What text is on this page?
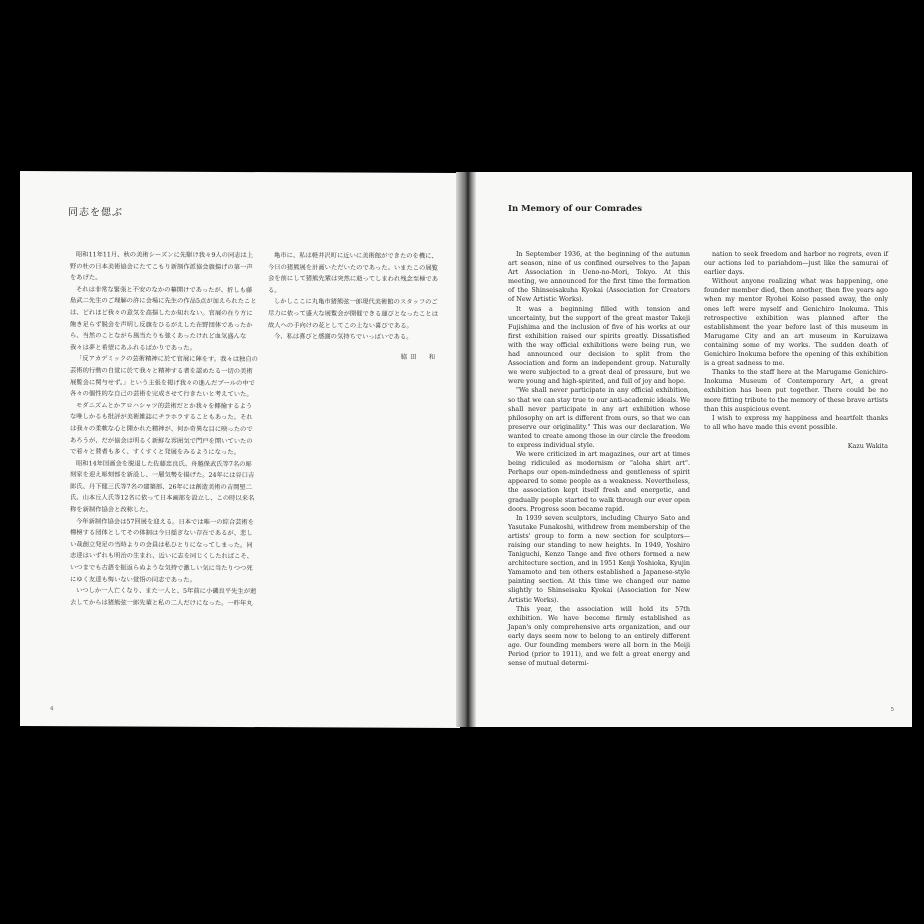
同志を偲ぶ

昭和11年11月、秋の美術シーズンに先駆け我々9人の同志は上野の杜の日本美術協会にたてこもり新制作派協会旗揚げの第一声をあげた。

それは非常な緊張と不安のなかの幕開けであったが、折しも藤島武二先生のご理解の許に会場に先生の作品5点が加えられたことは、どれほど我々の意気を高揚したか知れない。官展の在り方に飽き足らず脱会を声明し反旗をひるがえした在野団体であったから、当然のことながら風当たりも強くあったけれど血気盛んな我々は夢と希望にあふれるばかりであった。

「反アカデミックの芸術精神に於て官展に陣をす。我々は独自の芸術的行動の自覚に於て我々と精神する者を認めたる一切の美術展覧会に関与せず。」という主張を掲げ我々の進んだプールの中で各々の個性的な自己の芸術を完成させて行きたいと考えていた。

モダニズムとかアロハシャツ的芸術だとか我々を揶揄するような唯しかるも批評が美術雑誌にチラホラすることもあった。それは我々の柔軟な心と開かれた精神が、何か奇異な目に映ったのであろうが、だが協会は明るく新鮮な雰囲気で門戸を開いていたので着々と賛者も多く、すくすくと発展をみるようになった。

昭和14年国画会を脱退した佐藤忠良氏、舟越保武氏等7名の彫刻家を迎え彫刻部を新設し、一層気勢を揚げた。24年には谷口吉郎氏、丹下健三氏等7名の建築部、26年には創造美術の吉岡堅二氏、山本丘人氏等12名に依って日本画部を設立し、この時以来名称を新制作協会と改称した。

今年新制作協会は57回展を迎える。日本では唯一の綜合芸術を標榜する団体としてその体制は今日揺ぎない存在であるが、悲しい哉創立発足の当時よりの会員は私ひとりになってしまった。同志達はいずれも明治の生まれ、近いに志を同じくしたればこそ、いつまでも古語を振返らぬような気持で激しい気に当たりつつ死にゆく友達も悔いない覚悟の同志であった。

いつしか一人亡くなり、また一人と、5年前に小磯良平先生が逝去してからは猪熊弦一郎先輩と私の二人だけになった。一昨年丸

亀市に、私は軽井沢町に近いに美術館ができたのを機に、今日の猪熊展を計画いただいたのであった。いまたこの展覧会を前にして猪熊先輩は突然に逝ってしまわれ残念至極である。

しかしここに丸亀市猪熊弦一郎現代美術館のスタッフのご尽力に依って盛大な展覧会が開催できる運びとなったことは故人への手向けの花としてこの上ない喜びである。

今、私は喜びと感謝の気持ちでいっぱいである。

脇田　和
4
In Memory of our Comrades

In September 1936, at the beginning of the autumn art season, nine of us confined ourselves to the Japan Art Association in Ueno-no-Mori, Tokyo. At this meeting, we announced for the first time the formation of the Shinseisakuha Kyokai (Association for Creators of New Artistic Works).

It was a beginning filled with tension and uncertainty, but the support of the great master Takeji Fujishima and the inclusion of five of his works at our first exhibition raised our spirits greatly. Dissatisfied with the way official exhibitions were being run, we had announced our decision to split from the Association and form an independent group. Naturally we were subjected to a great deal of pressure, but we were young and high-spirited, and full of joy and hope.

"We shall never participate in any official exhibition, so that we can stay true to our anti-academic ideals. We shall never participate in any art exhibition whose philosophy on art is different from ours, so that we can preserve our originality." This was our declaration. We wanted to create among those in our circle the freedom to express individual style.

We were criticized in art magazines, our art at times being ridiculed as modernism or "aloha shirt art". Perhaps our open-mindedness and gentleness of spirit appeared to some people as a weakness. Nevertheless, the association kept itself fresh and energetic, and gradually people started to walk through our ever open doors. Progress soon became rapid.

In 1939 seven sculptors, including Churyo Sato and Yasutake Funakoshi, withdrew from membership of the artists' group to form a new section for sculptors—raising our standing to new heights. In 1949, Yoshiro Taniguchi, Kenzo Tange and five others formed a new architecture section, and in 1951 Kenji Yoshioka, Kyujin Yamamoto and ten others established a Japanese-style painting section. At this time we changed our name slightly to Shinseisaku Kyokai (Association for New Artistic Works).

This year, the association will hold its 57th exhibition. We have become firmly established as Japan's only comprehensive arts organization, and our early days seem now to belong to an entirely different age. Our founding members were all born in the Meiji Period (prior to 1911), and we felt a great energy and sense of mutual determi-

nation to seek freedom and harbor no regrets, even if our actions led to pariahdom—just like the samurai of earlier days.

Without anyone realizing what was happening, one founder member died, then another, then five years ago when my mentor Ryohei Koiso passed away, the only ones left were myself and Genichiro Inokuma. This retrospective exhibition was planned after the establishment the year before last of this museum in Marugame City and an art museum in Karuizawa containing some of my works. The sudden death of Genichiro Inokuma before the opening of this exhibition is a great sadness to me.

Thanks to the staff here at the Marugame Genichiro-Inokuma Museum of Contemporary Art, a great exhibition has been put together. There could be no more fitting tribute to the memory of these brave artists than this auspicious event.

I wish to express my happiness and heartfelt thanks to all who have made this event possible.

Kazu Wakita
5
